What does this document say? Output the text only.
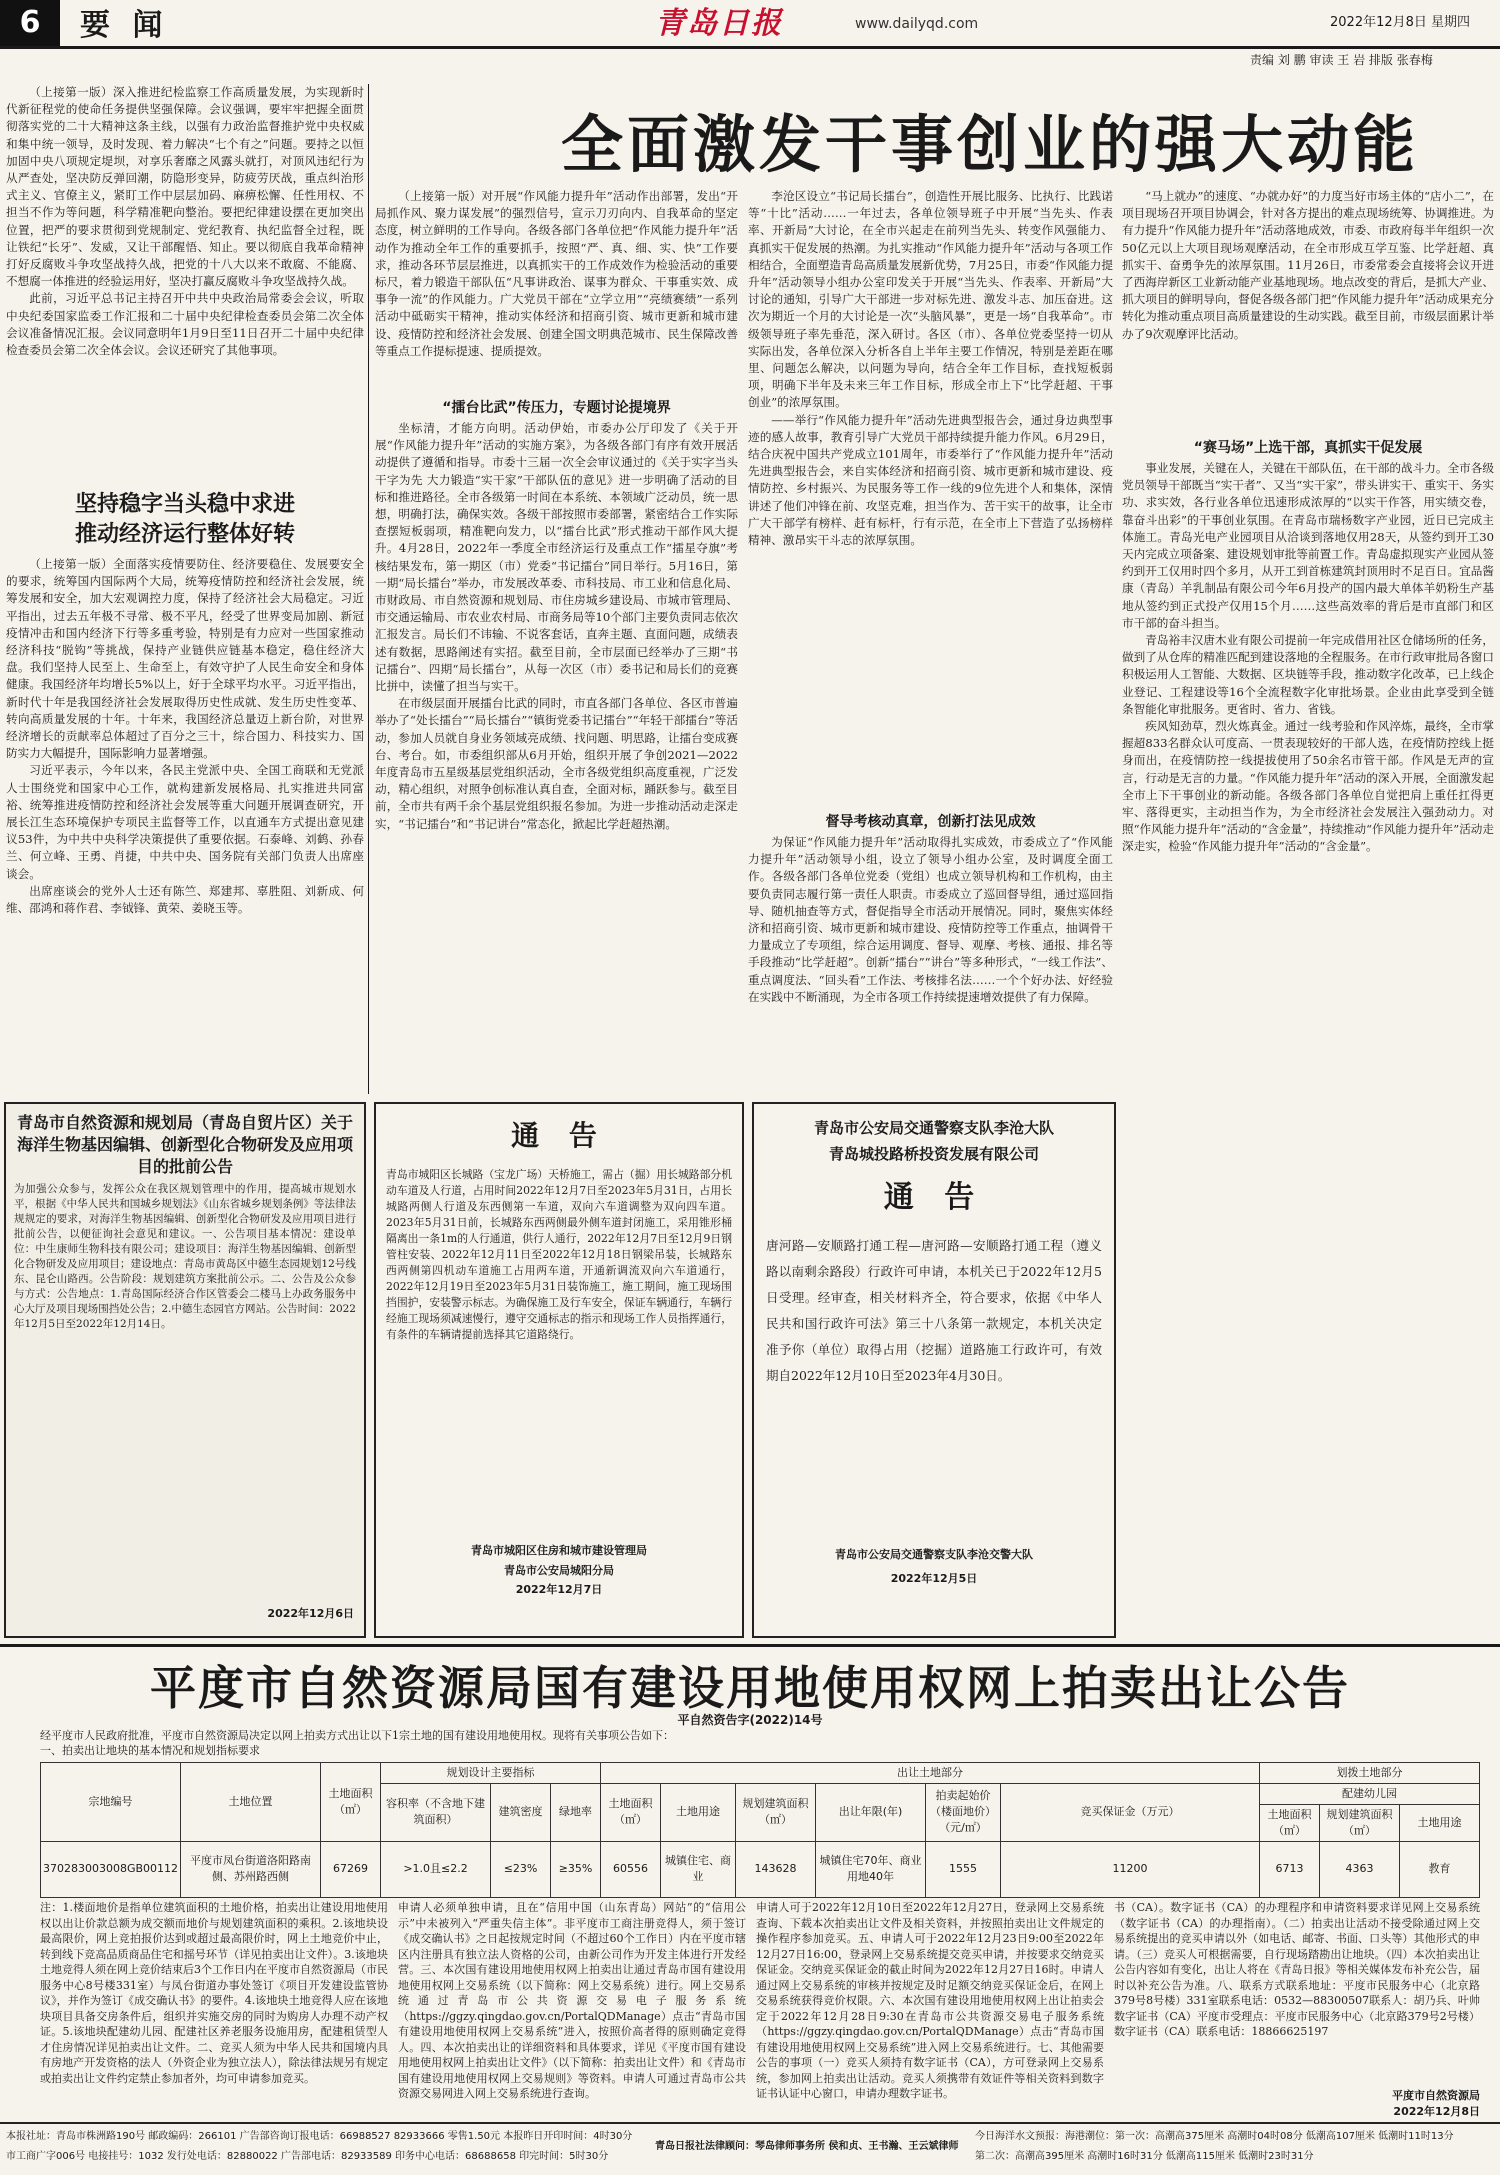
6	要 闻	青岛日报	www.dailyqd.com	2022年12月8日 星期四
责编 刘 鹏 审读 王 岩 排版 张春梅
全面激发干事创业的强大动能

（上接第一版）深入推进纪检监察工作高质量发展，为实现新时代新征程党的使命任务提供坚强保障。会议强调，要牢牢把握全面贯彻落实党的二十大精神这条主线，以强有力政治监督推护党中央权威和集中统一领导，及时发现、着力解决“七个有之”问题。要持之以恒加固中央八项规定堤坝，对享乐奢靡之风露头就打，对顶风违纪行为从严查处，坚决防反弹回潮，防隐形变异，防疲劳厌战，重点纠治形式主义、官僚主义，紧盯工作中层层加码、麻痹松懈、任性用权、不担当不作为等问题，科学精准靶向整治。要把纪律建设摆在更加突出位置，把严的要求贯彻到党规制定、党纪教育、执纪监督全过程，既让铁纪“长牙”、发威，又让干部醒悟、知止。要以彻底自我革命精神打好反腐败斗争攻坚战持久战，把党的十八大以来不敢腐、不能腐、不想腐一体推进的经验运用好，坚决打赢反腐败斗争攻坚战持久战。

此前，习近平总书记主持召开中共中央政治局常委会会议，听取中央纪委国家监委工作汇报和二十届中央纪律检查委员会第二次全体会议准备情况汇报。会议同意明年1月9日至11日召开二十届中央纪律检查委员会第二次全体会议。会议还研究了其他事项。

坚持稳字当头稳中求进
推动经济运行整体好转

（上接第一版）全面落实疫情要防住、经济要稳住、发展要安全的要求，统筹国内国际两个大局，统筹疫情防控和经济社会发展，统筹发展和安全，加大宏观调控力度，保持了经济社会大局稳定。习近平指出，过去五年极不寻常、极不平凡，经受了世界变局加剧、新冠疫情冲击和国内经济下行等多重考验，特别是有力应对一些国家推动经济科技“脱钩”等挑战，保持产业链供应链基本稳定，稳住经济大盘。我们坚持人民至上、生命至上，有效守护了人民生命安全和身体健康。我国经济年均增长5%以上，好于全球平均水平。习近平指出，新时代十年是我国经济社会发展取得历史性成就、发生历史性变革、转向高质量发展的十年。十年来，我国经济总量迈上新台阶，对世界经济增长的贡献率总体超过了百分之三十，综合国力、科技实力、国防实力大幅提升，国际影响力显著增强。

习近平表示，今年以来，各民主党派中央、全国工商联和无党派人士围绕党和国家中心工作，就构建新发展格局、扎实推进共同富裕、统筹推进疫情防控和经济社会发展等重大问题开展调查研究，开展长江生态环境保护专项民主监督等工作，以直通车方式提出意见建议53件，为中共中央科学决策提供了重要依据。石泰峰、刘鹤、孙春兰、何立峰、王勇、肖捷，中共中央、国务院有关部门负责人出席座谈会。

出席座谈会的党外人士还有陈竺、郑建邦、辜胜阻、刘新成、何维、邵鸿和蒋作君、李钺锋、黄荣、姜晓玉等。

（上接第一版）对开展“作风能力提升年”活动作出部署，发出“开局抓作风、聚力谋发展”的强烈信号，宣示刀刃向内、自我革命的坚定态度，树立鲜明的工作导向。各级各部门各单位把“作风能力提升年”活动作为推动全年工作的重要抓手，按照“严、真、细、实、快”工作要求，推动各环节层层推进，以真抓实干的工作成效作为检验活动的重要标尺，着力锻造干部队伍“凡事讲政治、谋事为群众、干事重实效、成事争一流”的作风能力。广大党员干部在“立学立用”“亮绩赛绩”一系列活动中砥砺实干精神，推动实体经济和招商引资、城市更新和城市建设、疫情防控和经济社会发展、创建全国文明典范城市、民生保障改善等重点工作提标提速、提质提效。

“擂台比武”传压力，专题讨论提境界

坐标清，才能方向明。活动伊始，市委办公厅印发了《关于开展“作风能力提升年”活动的实施方案》，为各级各部门有序有效开展活动提供了遵循和指导。市委十三届一次全会审议通过的《关于实字当头干字为先 大力锻造“实干家”干部队伍的意见》进一步明确了活动的目标和推进路径。全市各级第一时间在本系统、本领域广泛动员，统一思想，明确打法，确保实效。各级干部按照市委部署，紧密结合工作实际查摆短板弱项，精准靶向发力，以“擂台比武”形式推动干部作风大提升。4月28日，2022年一季度全市经济运行及重点工作“擂星夺旗”考核结果发布，第一期区（市）党委“书记擂台”同日举行。5月16日，第一期“局长擂台”举办，市发展改革委、市科技局、市工业和信息化局、市财政局、市自然资源和规划局、市住房城乡建设局、市城市管理局、市交通运输局、市农业农村局、市商务局等10个部门主要负责同志依次汇报发言。局长们不讳输、不说客套话，直奔主题、直面问题，成绩表述有数据，思路阐述有实招。截至目前，全市层面已经举办了三期“书记擂台”、四期“局长擂台”，从每一次区（市）委书记和局长们的竞赛比拼中，读懂了担当与实干。

在市级层面开展擂台比武的同时，市直各部门各单位、各区市普遍举办了“处长擂台”“局长擂台”“镇街党委书记擂台”“年轻干部擂台”等活动，参加人员就自身业务领域亮成绩、找问题、明思路，让擂台变成赛台、考台。如，市委组织部从6月开始，组织开展了争创2021—2022年度青岛市五星级基层党组织活动，全市各级党组织高度重视，广泛发动，精心组织，对照争创标准认真自查，全面对标，踊跃参与。截至目前，全市共有两千余个基层党组织报名参加。为进一步推动活动走深走实，“书记擂台”和“书记讲台”常态化，掀起比学赶超热潮。

李沧区设立“书记局长擂台”，创造性开展比服务、比执行、比践诺等“十比”活动……一年过去，各单位领导班子中开展“当先头、作表率、开新局”大讨论，在全市兴起走在前列当先头、转变作风强能力、真抓实干促发展的热潮。为扎实推动“作风能力提升年”活动与各项工作相结合，全面塑造青岛高质量发展新优势，7月25日，市委“作风能力提升年”活动领导小组办公室印发关于开展“当先头、作表率、开新局”大讨论的通知，引导广大干部进一步对标先进、激发斗志、加压奋进。这次为期近一个月的大讨论是一次“头脑风暴”，更是一场“自我革命”。市级领导班子率先垂范，深入研讨。各区（市）、各单位党委坚持一切从实际出发，各单位深入分析各自上半年主要工作情况，特别是差距在哪里、问题怎么解决，以问题为导向，结合全年工作目标，查找短板弱项，明确下半年及未来三年工作目标，形成全市上下“比学赶超、干事创业”的浓厚氛围。

——举行“作风能力提升年”活动先进典型报告会，通过身边典型事迹的感人故事，教育引导广大党员干部持续提升能力作风。6月29日，结合庆祝中国共产党成立101周年，市委举行了“作风能力提升年”活动先进典型报告会，来自实体经济和招商引资、城市更新和城市建设、疫情防控、乡村振兴、为民服务等工作一线的9位先进个人和集体，深情讲述了他们冲锋在前、攻坚克难，担当作为、苦干实干的故事，让全市广大干部学有榜样、赶有标杆，行有示范，在全市上下营造了弘扬榜样精神、激昂实干斗志的浓厚氛围。

督导考核动真章，创新打法见成效

为保证“作风能力提升年”活动取得扎实成效，市委成立了“作风能力提升年”活动领导小组，设立了领导小组办公室，及时调度全面工作。各级各部门各单位党委（党组）也成立领导机构和工作机构，由主要负责同志履行第一责任人职责。市委成立了巡回督导组，通过巡回指导、随机抽查等方式，督促指导全市活动开展情况。同时，聚焦实体经济和招商引资、城市更新和城市建设、疫情防控等工作重点，抽调骨干力量成立了专项组，综合运用调度、督导、观摩、考核、通报、排名等手段推动“比学赶超”。创新“擂台”“讲台”等多种形式，“一线工作法”、重点调度法、“回头看”工作法、考核排名法……一个个好办法、好经验在实践中不断涌现，为全市各项工作持续提速增效提供了有力保障。

“马上就办”的速度、“办就办好”的力度当好市场主体的“店小二”，在项目现场召开项目协调会，针对各方提出的难点现场统筹、协调推进。为有力提升“作风能力提升年”活动落地成效，市委、市政府每半年组织一次50亿元以上大项目现场观摩活动，在全市形成互学互鉴、比学赶超、真抓实干、奋勇争先的浓厚氛围。11月26日，市委常委会直接将会议开进了西海岸新区工业新动能产业基地现场。地点改变的背后，是抓大产业、抓大项目的鲜明导向，督促各级各部门把“作风能力提升年”活动成果充分转化为推动重点项目高质量建设的生动实践。截至目前，市级层面累计举办了9次观摩评比活动。

“赛马场”上选干部，真抓实干促发展

事业发展，关键在人，关键在干部队伍，在干部的战斗力。全市各级党员领导干部既当“实干者”、又当“实干家”，带头讲实干、重实干、务实功、求实效，各行业各单位迅速形成浓厚的“以实干作答，用实绩交卷，靠奋斗出彩”的干事创业氛围。在青岛市瑞杨数字产业园，近日已完成主体施工。青岛光电产业园项目从洽谈到落地仅用28天，从签约到开工30天内完成立项备案、建设规划审批等前置工作。青岛虚拟现实产业园从签约到开工仅用时四个多月，从开工到首栋建筑封顶用时不足百日。宜品酱康（青岛）羊乳制品有限公司今年6月投产的国内最大单体羊奶粉生产基地从签约到正式投产仅用15个月……这些高效率的背后是市直部门和区市干部的奋斗担当。

青岛裕丰汉唐木业有限公司提前一年完成借用社区仓储场所的任务，做到了从仓库的精准匹配到建设落地的全程服务。在市行政审批局各窗口积极运用人工智能、大数据、区块链等手段，推动数字化改革，已上线企业登记、工程建设等16个全流程数字化审批场景。企业由此享受到全链条智能化审批服务。更省时、省力、省钱。

疾风知劲草，烈火炼真金。通过一线考验和作风淬炼，最终，全市掌握超833名群众认可度高、一贯表现较好的干部人选，在疫情防控线上挺身而出，在疫情防控一线提拔使用了50余名市管干部。作风是无声的宣言，行动是无言的力量。“作风能力提升年”活动的深入开展，全面激发起全市上下干事创业的新动能。各级各部门各单位自觉把肩上重任扛得更牢、落得更实，主动担当作为，为全市经济社会发展注入强劲动力。对照“作风能力提升年”活动的“含金量”，持续推动“作风能力提升年”活动走深走实，检验“作风能力提升年”活动的“含金量”。

青岛市自然资源和规划局（青岛自贸片区）关于海洋生物基因编辑、创新型化合物研发及应用项目的批前公告
为加强公众参与，发挥公众在我区规划管理中的作用，提高城市规划水平，根据《中华人民共和国城乡规划法》《山东省城乡规划条例》等法律法规规定的要求，对海洋生物基因编辑、创新型化合物研发及应用项目进行批前公告，以便征询社会意见和建议。一、公告项目基本情况：建设单位：中生康师生物科技有限公司；建设项目：海洋生物基因编辑、创新型化合物研发及应用项目；建设地点：青岛市黄岛区中德生态园规划12号线东、昆仑山路西。公告阶段：规划建筑方案批前公示。二、公告及公众参与方式：公告地点：1.青岛国际经济合作区管委会二楼马上办政务服务中心大厅及项目现场围挡处公告；2.中德生态园官方网站。公告时间：2022年12月5日至2022年12月14日。
2022年12月6日
通 告
青岛市城阳区长城路（宝龙广场）天桥施工，需占（掘）用长城路部分机动车道及人行道，占用时间2022年12月7日至2023年5月31日，占用长城路两侧人行道及东西侧第一车道，双向六车道调整为双向四车道。2023年5月31日前，长城路东西两侧最外侧车道封闭施工，采用锥形桶隔离出一条1m的人行通道，供行人通行，2022年12月7日至12月9日钢管柱安装、2022年12月11日至2022年12月18日钢梁吊装，长城路东西两侧第四机动车道施工占用两车道，开通新调流双向六车道通行，2022年12月19日至2023年5月31日装饰施工，施工期间，施工现场围挡围护，安装警示标志。为确保施工及行车安全，保证车辆通行，车辆行经施工现场须减速慢行，遵守交通标志的指示和现场工作人员指挥通行，有条件的车辆请提前选择其它道路绕行。
青岛市城阳区住房和城市建设管理局
青岛市公安局城阳分局
2022年12月7日
青岛市公安局交通警察支队李沧大队
青岛城投路桥投资发展有限公司
通 告
唐河路—安顺路打通工程—唐河路—安顺路打通工程（遵义路以南剩余路段）行政许可申请，本机关已于2022年12月5日受理。经审查，相关材料齐全，符合要求，依据《中华人民共和国行政许可法》第三十八条第一款规定，本机关决定准予你（单位）取得占用（挖掘）道路施工行政许可，有效期自2022年12月10日至2023年4月30日。
青岛市公安局交通警察支队李沧交警大队
2022年12月5日
平度市自然资源局国有建设用地使用权网上拍卖出让公告
平自然资告字(2022)14号
经平度市人民政府批准，平度市自然资源局决定以网上拍卖方式出让以下1宗土地的国有建设用地使用权。现将有关事项公告如下：
一、拍卖出让地块的基本情况和规划指标要求
宗地编号	土地位置	土地面积（㎡）	规划设计主要指标			出让土地部分						划拨土地部分		
			容积率（不含地下建筑面积）	建筑密度	绿地率	土地面积（㎡）	土地用途	规划建筑面积（㎡）	出让年限(年)	拍卖起始价（楼面地价）（元/㎡）	竞买保证金（万元）	配建幼儿园		
												土地面积（㎡）	规划建筑面积（㎡）	土地用途
370283003008GB00112	平度市凤台街道洛阳路南侧、苏州路西侧	67269	>1.0且≤2.2	≤23%	≥35%	60556	城镇住宅、商业	143628	城镇住宅70年、商业用地40年	1555	11200	6713	4363	教育
注：1.楼面地价是指单位建筑面积的土地价格，拍卖出让建设用地使用权以出让价款总额为成交额而地价与规划建筑面积的乘积。2.该地块设最高限价，网上竞拍报价达到或超过最高限价时，网上土地竞价中止，转到线下竞高品质商品住宅和摇号环节（详见拍卖出让文件）。3.该地块土地竞得人须在网上竞价结束后3个工作日内在平度市自然资源局（市民服务中心8号楼331室）与凤台街道办事处签订《项目开发建设监管协议》，并作为签订《成交确认书》的要件。4.该地块土地竞得人应在该地块项目具备交房条件后，组织并实施交房的同时为购房人办理不动产权证。5.该地块配建幼儿园、配建社区养老服务设施用房，配建租赁型人才住房情况详见拍卖出让文件。二、竞买人须为中华人民共和国境内具有房地产开发资格的法人（外资企业为独立法人），除法律法规另有规定或拍卖出让文件约定禁止参加者外，均可申请参加竞买。
申请人必须单独申请，且在“信用中国（山东青岛）网站”的“信用公示”中未被列入“严重失信主体”。非平度市工商注册竞得人，须于签订《成交确认书》之日起按规定时间（不超过60个工作日）内在平度市辖区内注册具有独立法人资格的公司，由新公司作为开发主体进行开发经营。三、本次国有建设用地使用权网上拍卖出让通过青岛市国有建设用地使用权网上交易系统（以下简称：网上交易系统）进行。网上交易系统通过青岛市公共资源交易电子服务系统（https://ggzy.qingdao.gov.cn/PortalQDManage）点击“青岛市国有建设用地使用权网上交易系统”进入，按照价高者得的原则确定竞得人。四、本次拍卖出让的详细资料和具体要求，详见《平度市国有建设用地使用权网上拍卖出让文件》（以下简称：拍卖出让文件）和《青岛市国有建设用地使用权网上交易规则》等资料。申请人可通过青岛市公共资源交易网进入网上交易系统进行查询。
申请人可于2022年12月10日至2022年12月27日，登录网上交易系统查询、下载本次拍卖出让文件及相关资料，并按照拍卖出让文件规定的操作程序参加竞买。五、申请人可于2022年12月23日9:00至2022年12月27日16:00，登录网上交易系统提交竞买申请，并按要求交纳竞买保证金。交纳竞买保证金的截止时间为2022年12月27日16时。申请人通过网上交易系统的审核并按规定及时足额交纳竞买保证金后，在网上交易系统获得竞价权限。六、本次国有建设用地使用权网上出让拍卖会定于2022年12月28日9:30在青岛市公共资源交易电子服务系统（https://ggzy.qingdao.gov.cn/PortalQDManage）点击“青岛市国有建设用地使用权网上交易系统”进入网上交易系统进行。七、其他需要公告的事项（一）竞买人须持有数字证书（CA），方可登录网上交易系统，参加网上拍卖出让活动。竞买人须携带有效证件等相关资料到数字证书认证中心窗口，申请办理数字证书。
书（CA）。数字证书（CA）的办理程序和申请资料要求详见网上交易系统（数字证书（CA）的办理指南）。（二）拍卖出让活动不接受除通过网上交易系统提出的竞买申请以外（如电话、邮寄、书面、口头等）其他形式的申请。（三）竞买人可根据需要，自行现场踏勘出让地块。（四）本次拍卖出让公告内容如有变化，出让人将在《青岛日报》等相关媒体发布补充公告，届时以补充公告为准。八、联系方式联系地址：平度市民服务中心（北京路379号8号楼）331室联系电话：0532—88300507联系人：胡乃兵、叶帅数字证书（CA）平度市受理点：平度市民服务中心（北京路379号2号楼）数字证书（CA）联系电话：18866625197
平度市自然资源局
2022年12月8日
本报社址：青岛市株洲路190号 邮政编码：266101 广告部咨询订报电话：66988527 82933666 零售1.50元 本报昨日开印时间：4时30分
市工商广字006号 电接挂号：1032 发行处电话：82880022 广告部电话：82933589 印务中心电话：68688658 印完时间：5时30分
青岛日报社法律顾问：琴岛律师事务所 侯和贞、王书瀚、王云斌律师
今日海洋水文预报：海港潮位：第一次：高潮高375厘米 高潮时04时08分 低潮高107厘米 低潮时11时13分
第二次：高潮高395厘米 高潮时16时31分 低潮高115厘米 低潮时23时31分
